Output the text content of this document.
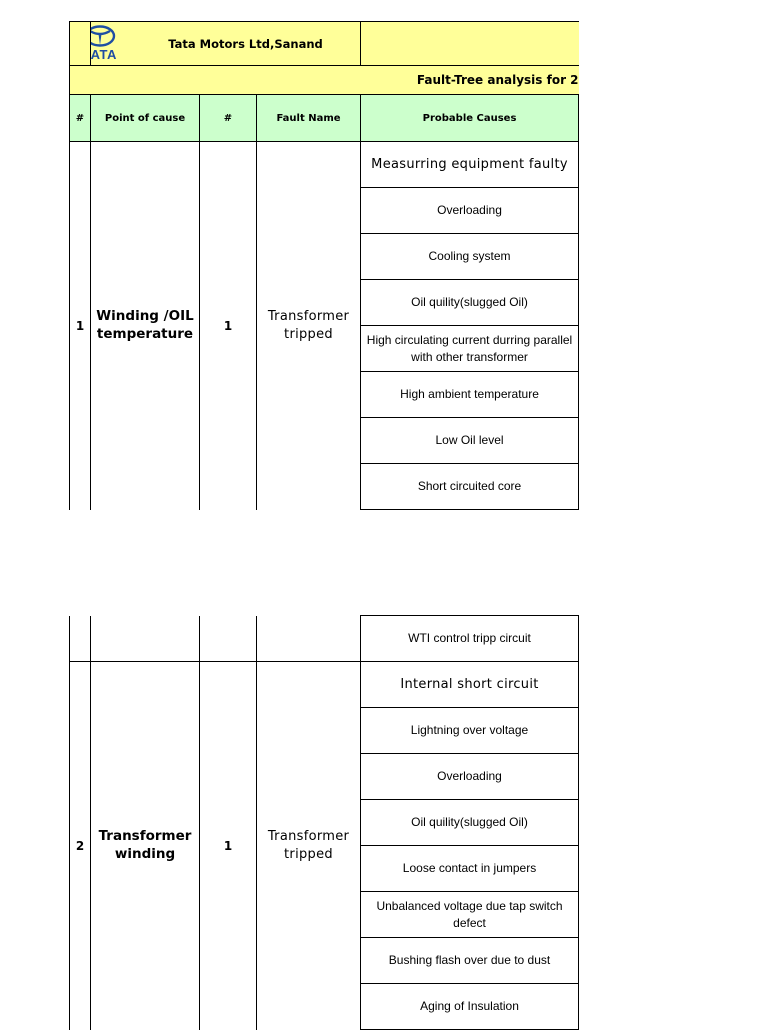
TATA
Tata Motors Ltd,Sanand			
Fault-Tree analysis for 2				
#	Point of cause	#	Fault Name	Probable Causes
1	Winding /OIL temperature	1	Transformer tripped	Measurring equipment faulty
				Overloading
				Cooling system
				Oil quility(slugged Oil)
				High circulating current durring parallel with other transformer
				High ambient temperature
				Low Oil level
				Short circuited core
				WTI control tripp circuit
2	Transformer winding	1	Transformer tripped	Internal short circuit
				Lightning over voltage
				Overloading
				Oil quility(slugged Oil)
				Loose contact in jumpers
				Unbalanced voltage due tap switch defect
				Bushing flash over due to dust
				Aging of Insulation
